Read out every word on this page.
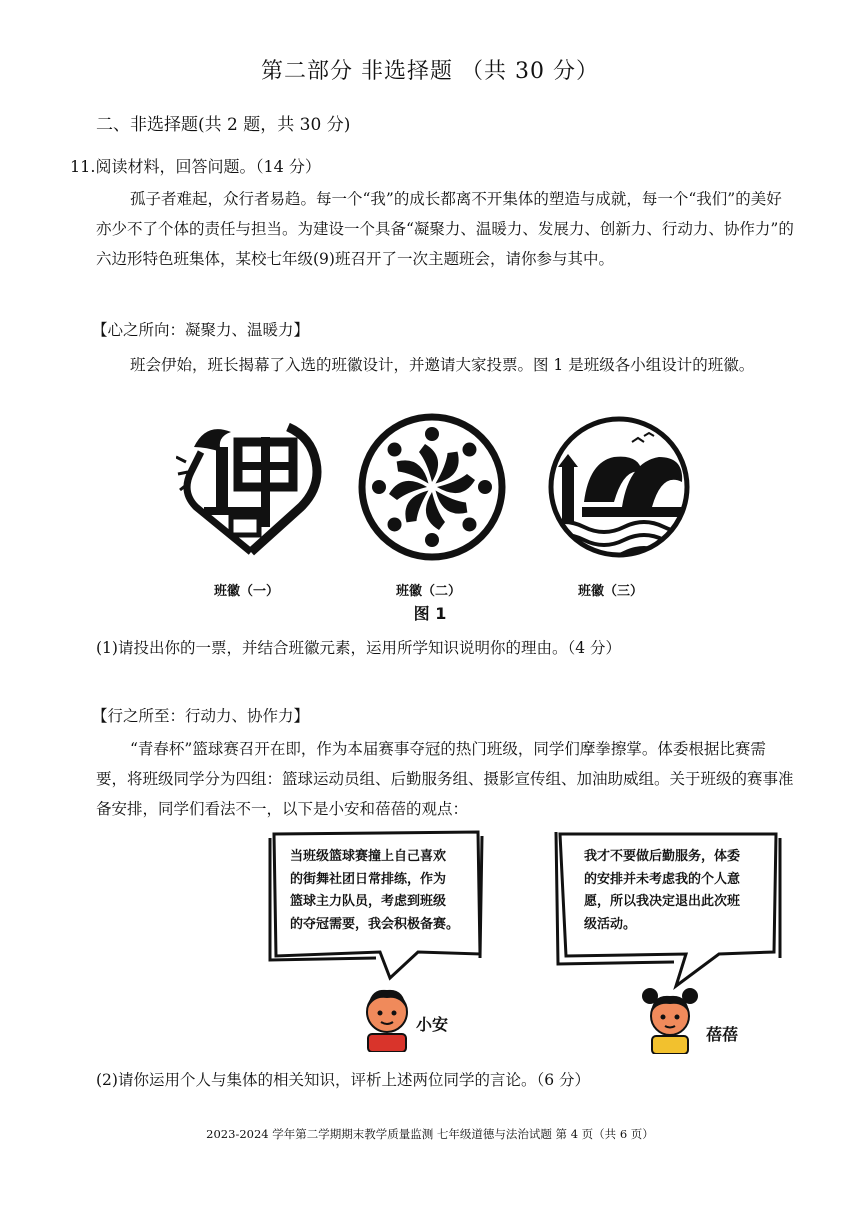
第二部分 非选择题 （共 30 分）
二、非选择题(共 2 题，共 30 分)
11.阅读材料，回答问题。（14 分）
孤子者难起，众行者易趋。每一个“我”的成长都离不开集体的塑造与成就，每一个“我们”的美好亦少不了个体的责任与担当。为建设一个具备“凝聚力、温暖力、发展力、创新力、行动力、协作力”的六边形特色班集体，某校七年级(9)班召开了一次主题班会，请你参与其中。
【心之所向：凝聚力、温暖力】
班会伊始，班长揭幕了入选的班徽设计，并邀请大家投票。图 1 是班级各小组设计的班徽。
班徽（一）	班徽（二）	班徽（三）
图 1
(1)请投出你的一票，并结合班徽元素，运用所学知识说明你的理由。（4 分）
【行之所至：行动力、协作力】
“青春杯”篮球赛召开在即，作为本届赛事夺冠的热门班级，同学们摩拳擦掌。体委根据比赛需要，将班级同学分为四组：篮球运动员组、后勤服务组、摄影宣传组、加油助威组。关于班级的赛事准备安排，同学们看法不一，以下是小安和蓓蓓的观点：
当班级篮球赛撞上自己喜欢
的街舞社团日常排练，作为
篮球主力队员，考虑到班级
的夺冠需要，我会积极备赛。
我才不要做后勤服务，体委
的安排并未考虑我的个人意
愿，所以我决定退出此次班
级活动。
小安
蓓蓓
(2)请你运用个人与集体的相关知识，评析上述两位同学的言论。（6 分）
2023-2024 学年第二学期期末教学质量监测 七年级道德与法治试题 第 4 页（共 6 页）
